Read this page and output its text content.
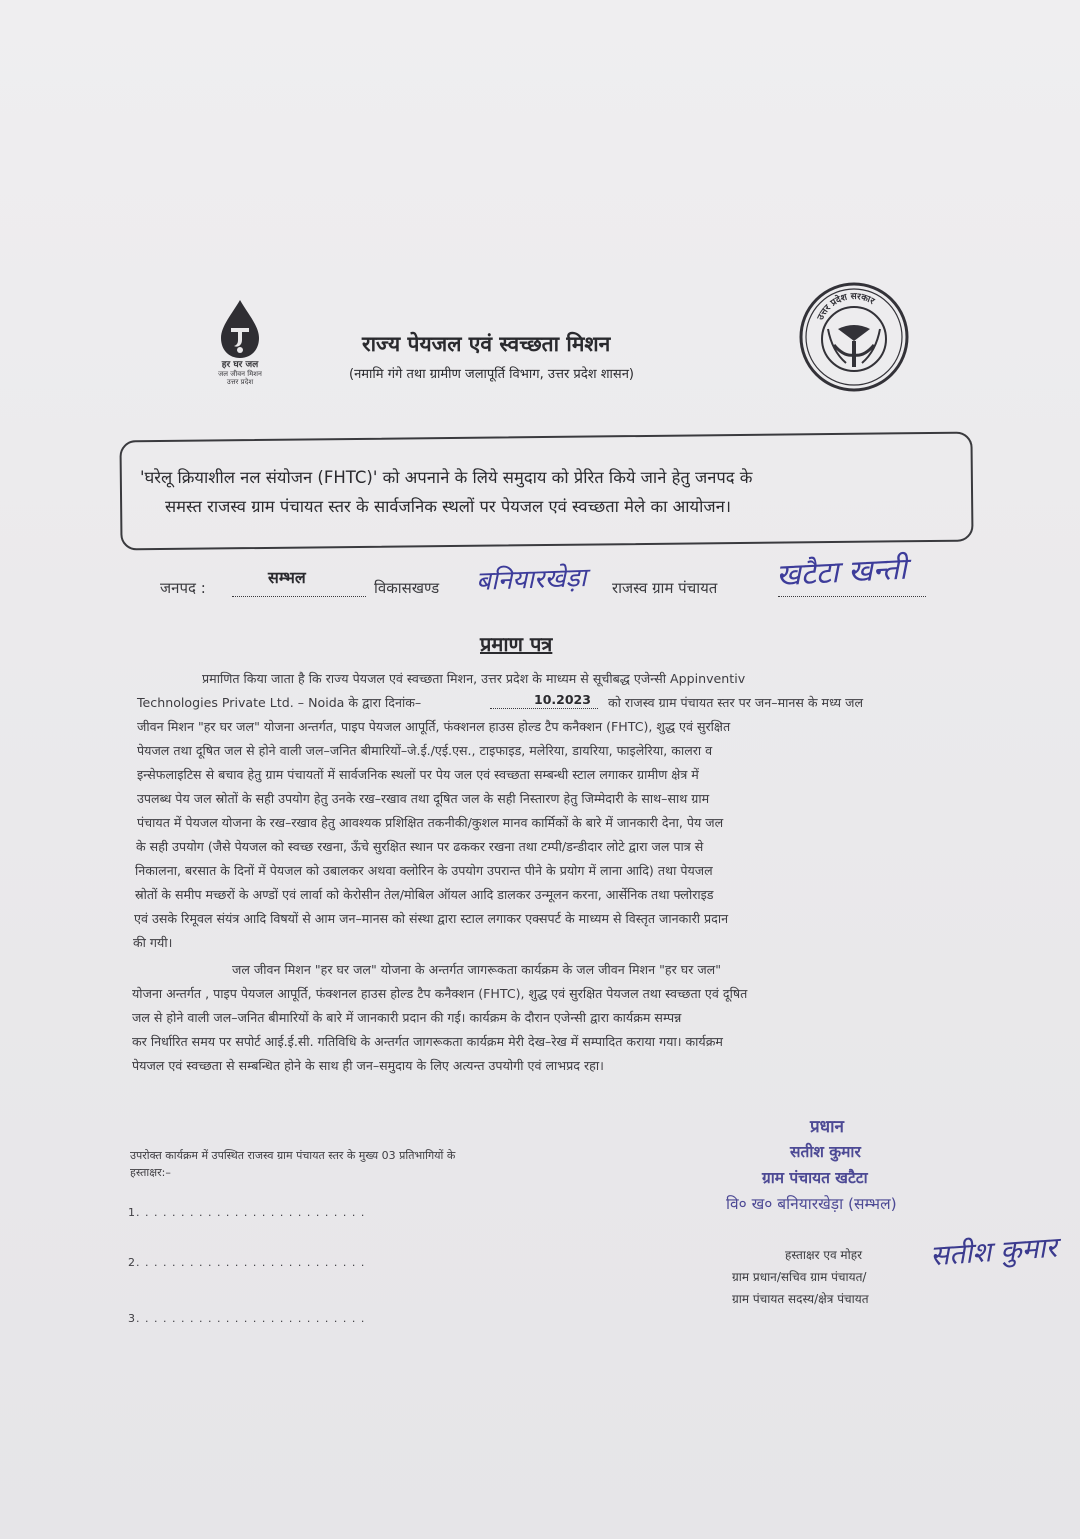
हर घर जल
जल जीवन मिशन
उत्तर प्रदेश
राज्य पेयजल एवं स्वच्छता मिशन
(नमामि गंगे तथा ग्रामीण जलापूर्ति विभाग, उत्तर प्रदेश शासन)
उत्तर प्रदेश सरकार
'घरेलू क्रियाशील नल संयोजन (FHTC)' को अपनाने के लिये समुदाय को प्रेरित किये जाने हेतु जनपद के
समस्त राजस्व ग्राम पंचायत स्तर के सार्वजनिक स्थलों पर पेयजल एवं स्वच्छता मेले का आयोजन।
जनपद :
सम्भल
विकासखण्ड बनियारखेड़ा राजस्व ग्राम पंचायत खटैटा खन्ती
प्रमाण पत्र
प्रमाणित किया जाता है कि राज्य पेयजल एवं स्वच्छता मिशन, उत्तर प्रदेश के माध्यम से सूचीबद्ध एजेन्सी Appinventiv
Technologies Private Ltd. – Noida के द्वारा दिनांक–	10.2023 को राजस्व ग्राम पंचायत स्तर पर जन–मानस के मध्य जल
जीवन मिशन "हर घर जल" योजना अन्तर्गत, पाइप पेयजल आपूर्ति, फंक्शनल हाउस होल्ड टैप कनैक्शन (FHTC), शुद्ध एवं सुरक्षित
पेयजल तथा दूषित जल से होने वाली जल–जनित बीमारियों–जे.ई./एई.एस., टाइफाइड, मलेरिया, डायरिया, फाइलेरिया, कालरा व
इन्सेफलाइटिस से बचाव हेतु ग्राम पंचायतों में सार्वजनिक स्थलों पर पेय जल एवं स्वच्छता सम्बन्धी स्टाल लगाकर ग्रामीण क्षेत्र में
उपलब्ध पेय जल स्रोतों के सही उपयोग हेतु उनके रख–रखाव तथा दूषित जल के सही निस्तारण हेतु जिम्मेदारी के साथ–साथ ग्राम
पंचायत में पेयजल योजना के रख–रखाव हेतु आवश्यक प्रशिक्षित तकनीकी/कुशल मानव कार्मिकों के बारे में जानकारी देना, पेय जल
के सही उपयोग (जैसे पेयजल को स्वच्छ रखना, ऊँचे सुरक्षित स्थान पर ढककर रखना तथा टम्पी/डन्डीदार लोटे द्वारा जल पात्र से
निकालना, बरसात के दिनों में पेयजल को उबालकर अथवा क्लोरिन के उपयोग उपरान्त पीने के प्रयोग में लाना आदि) तथा पेयजल
स्रोतों के समीप मच्छरों के अण्डों एवं लार्वा को केरोसीन तेल/मोबिल ऑयल आदि डालकर उन्मूलन करना, आर्सेनिक तथा फ्लोराइड
एवं उसके रिमूवल संयंत्र आदि विषयों से आम जन–मानस को संस्था द्वारा स्टाल लगाकर एक्सपर्ट के माध्यम से विस्तृत जानकारी प्रदान
की गयी।
जल जीवन मिशन "हर घर जल" योजना के अन्तर्गत जागरूकता कार्यक्रम के जल जीवन मिशन "हर घर जल"
योजना अन्तर्गत , पाइप पेयजल आपूर्ति, फंक्शनल हाउस होल्ड टैप कनैक्शन (FHTC), शुद्ध एवं सुरक्षित पेयजल तथा स्वच्छता एवं दूषित
जल से होने वाली जल–जनित बीमारियों के बारे में जानकारी प्रदान की गई। कार्यक्रम के दौरान एजेन्सी द्वारा कार्यक्रम सम्पन्न
कर निर्धारित समय पर सपोर्ट आई.ई.सी. गतिविधि के अन्तर्गत जागरूकता कार्यक्रम मेरी देख–रेख में सम्पादित कराया गया। कार्यक्रम
पेयजल एवं स्वच्छता से सम्बन्धित होने के साथ ही जन–समुदाय के लिए अत्यन्त उपयोगी एवं लाभप्रद रहा।
उपरोक्त कार्यक्रम में उपस्थित राजस्व ग्राम पंचायत स्तर के मुख्य 03 प्रतिभागियों के
हस्ताक्षर:–
1. . . . . . . . . . . . . . . . . . . . . . . . . .
2. . . . . . . . . . . . . . . . . . . . . . . . . .
3. . . . . . . . . . . . . . . . . . . . . . . . . .
प्रधान
सतीश कुमार
ग्राम पंचायत खटैटा
वि० ख० बनियारखेड़ा (सम्भल)
हस्ताक्षर एव मोहर सतीश कुमार
ग्राम प्रधान/सचिव ग्राम पंचायत/
ग्राम पंचायत सदस्य/क्षेत्र पंचायत
